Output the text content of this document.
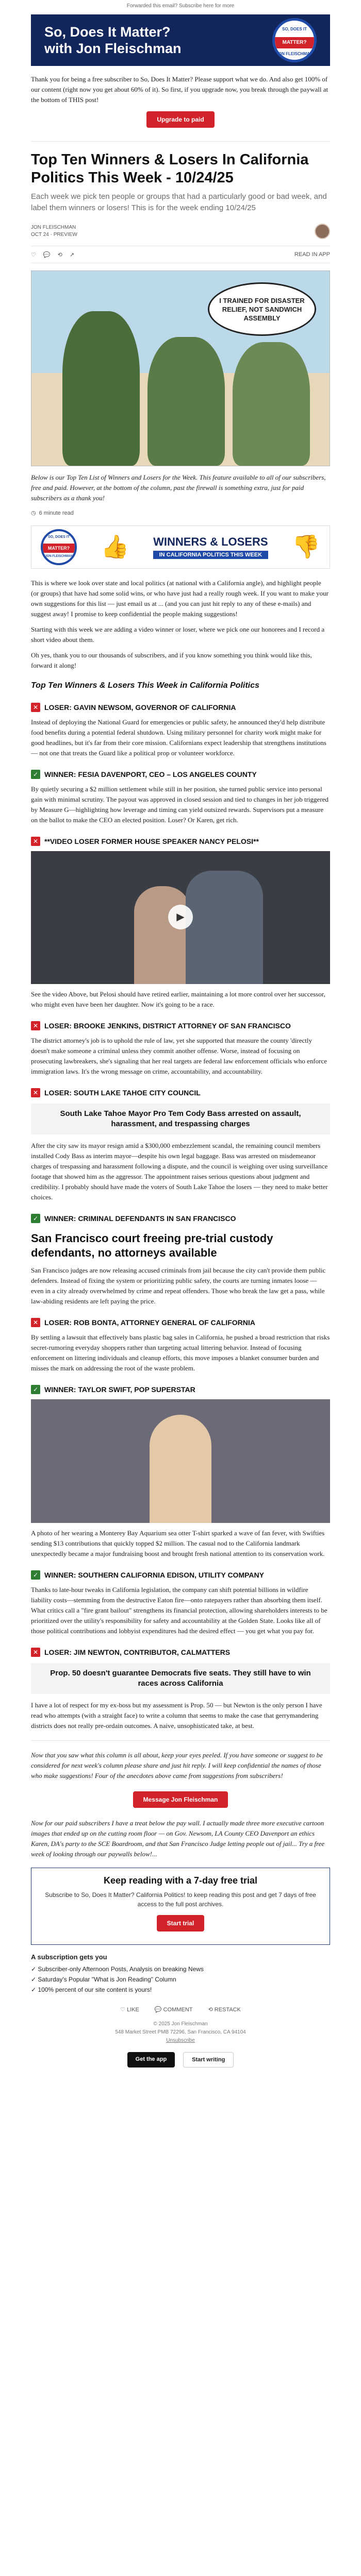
Forwarded this email? Subscribe here for more
So, Does It Matter?
with Jon Fleischman
SO, DOES IT
MATTER?
JON FLEISCHMAN

Thank you for being a free subscriber to So, Does It Matter? Please support what we do. And also get 100% of our content (right now you get about 60% of it). So first, if you upgrade now, you break through the paywall at the bottom of THIS post!

Upgrade to paid
Top Ten Winners & Losers In California Politics This Week - 10/24/25
Each week we pick ten people or groups that had a particularly good or bad week, and label them winners or losers! This is for the week ending 10/24/25
JON FLEISCHMAN
OCT 24 · PREVIEW
♡ 💬 ⟲ ↗	READ IN APP
I TRAINED FOR DISASTER RELIEF, NOT SANDWICH ASSEMBLY
Below is our Top Ten List of Winners and Losers for the Week. This feature available to all of our subscribers, free and paid. However, at the bottom of the column, past the firewall is something extra, just for paid subscribers as a thank you!
◷ 6 minute read
SO, DOES IT
MATTER?
JON FLEISCHMAN 👍 WINNERS & LOSERS
IN CALIFORNIA POLITICS THIS WEEK 👎

This is where we look over state and local politics (at national with a California angle), and highlight people (or groups) that have had some solid wins, or who have just had a really rough week. If you want to make your own suggestions for this list — just email us at ... (and you can just hit reply to any of these e-mails) and suggest away! I promise to keep confidential the people making suggestions!

Starting with this week we are adding a video winner or loser, where we pick one our honorees and I record a short video about them.

Oh yes, thank you to our thousands of subscribers, and if you know something you think would like this, forward it along!

Top Ten Winners & Losers This Week in California Politics
✕ LOSER: GAVIN NEWSOM, GOVERNOR OF CALIFORNIA

Instead of deploying the National Guard for emergencies or public safety, he announced they'd help distribute food benefits during a potential federal shutdown. Using military personnel for charity work might make for good headlines, but it's far from their core mission. Californians expect leadership that strengthens institutions — not one that treats the Guard like a political prop or volunteer workforce.

✓ WINNER: FESIA DAVENPORT, CEO – LOS ANGELES COUNTY

By quietly securing a $2 million settlement while still in her position, she turned public service into personal gain with minimal scrutiny. The payout was approved in closed session and tied to changes in her job triggered by Measure G—highlighting how leverage and timing can yield outsized rewards. Supervisors put a measure on the ballot to make the CEO an elected position. Loser? Or Karen, get rich.

✕ **VIDEO LOSER FORMER HOUSE SPEAKER NANCY PELOSI**
▶

See the video Above, but Pelosi should have retired earlier, maintaining a lot more control over her successor, who might even have been her daughter. Now it's going to be a race.

✕ LOSER: BROOKE JENKINS, DISTRICT ATTORNEY OF SAN FRANCISCO

The district attorney's job is to uphold the rule of law, yet she supported that measure the county 'directly doesn't make someone a criminal unless they commit another offense. Worse, instead of focusing on prosecuting lawbreakers, she's signaling that her real targets are federal law enforcement officials who enforce immigration laws. It's the wrong message on crime, accountability, and accountability.

✕ LOSER: SOUTH LAKE TAHOE CITY COUNCIL
South Lake Tahoe Mayor Pro Tem Cody Bass arrested on assault, harassment, and trespassing charges

After the city saw its mayor resign amid a $300,000 embezzlement scandal, the remaining council members installed Cody Bass as interim mayor—despite his own legal baggage. Bass was arrested on misdemeanor charges of trespassing and harassment following a dispute, and the council is weighing over using surveillance footage that showed him as the aggressor. The appointment raises serious questions about judgment and credibility. I probably should have made the voters of South Lake Tahoe the losers — they need to make better choices.

✓ WINNER: CRIMINAL DEFENDANTS IN SAN FRANCISCO
San Francisco court freeing pre-trial custody defendants, no attorneys available

San Francisco judges are now releasing accused criminals from jail because the city can't provide them public defenders. Instead of fixing the system or prioritizing public safety, the courts are turning inmates loose — even in a city already overwhelmed by crime and repeat offenders. Those who break the law get a pass, while law-abiding residents are left paying the price.

✕ LOSER: ROB BONTA, ATTORNEY GENERAL OF CALIFORNIA

By settling a lawsuit that effectively bans plastic bag sales in California, he pushed a broad restriction that risks secret-rumoring everyday shoppers rather than targeting actual littering behavior. Instead of focusing enforcement on littering individuals and cleanup efforts, this move imposes a blanket consumer burden and misses the mark on addressing the root of the waste problem.

✓ WINNER: TAYLOR SWIFT, POP SUPERSTAR

A photo of her wearing a Monterey Bay Aquarium sea otter T-shirt sparked a wave of fan fever, with Swifties sending $13 contributions that quickly topped $2 million. The casual nod to the California landmark unexpectedly became a major fundraising boost and brought fresh national attention to its conservation work.

✓ WINNER: SOUTHERN CALIFORNIA EDISON, UTILITY COMPANY

Thanks to late-hour tweaks in California legislation, the company can shift potential billions in wildfire liability costs—stemming from the destructive Eaton fire—onto ratepayers rather than absorbing them itself. What critics call a "fire grant bailout" strengthens its financial protection, allowing shareholders interests to be prioritized over the utility's responsibility for safety and accountability at the Golden State. Looks like all of those political contributions and lobbyist expenditures had the desired effect — you get what you pay for.

✕ LOSER: JIM NEWTON, CONTRIBUTOR, CALMATTERS
Prop. 50 doesn't guarantee Democrats five seats. They still have to win races across California

I have a lot of respect for my ex-boss but my assessment is Prop. 50 — but Newton is the only person I have read who attempts (with a straight face) to write a column that seems to make the case that gerrymandering districts does not really pre-ordain outcomes. A naive, unsophisticated take, at best.

Now that you saw what this column is all about, keep your eyes peeled. If you have someone or suggest to be considered for next week's column please share and just hit reply. I will keep confidential the names of those who make suggestions! Four of the anecdotes above came from suggestions from subscribers!

Message Jon Fleischman

Now for our paid subscribers I have a treat below the pay wall. I actually made three more executive cartoon images that ended up on the cutting room floor — on Gov. Newsom, LA County CEO Davenport an ethics Karen, DA's party to the SCE Boardroom, and that San Francisco Judge letting people out of jail... Try a free week of looking through our paywalls below!...

Keep reading with a 7-day free trial
Subscribe to So, Does It Matter? California Politics! to keep reading this post and get 7 days of free access to the full post archives.
Start trial
A subscription gets you
✓ Subscriber-only Afternoon Posts, Analysis on breaking News
✓ Saturday's Popular "What is Jon Reading" Column
✓ 100% percent of our site content is yours!
♡ LIKE	💬 COMMENT	⟲ RESTACK
© 2025 Jon Fleischman
548 Market Street PMB 72296, San Francisco, CA 94104
Unsubscribe
Get the app	Start writing
